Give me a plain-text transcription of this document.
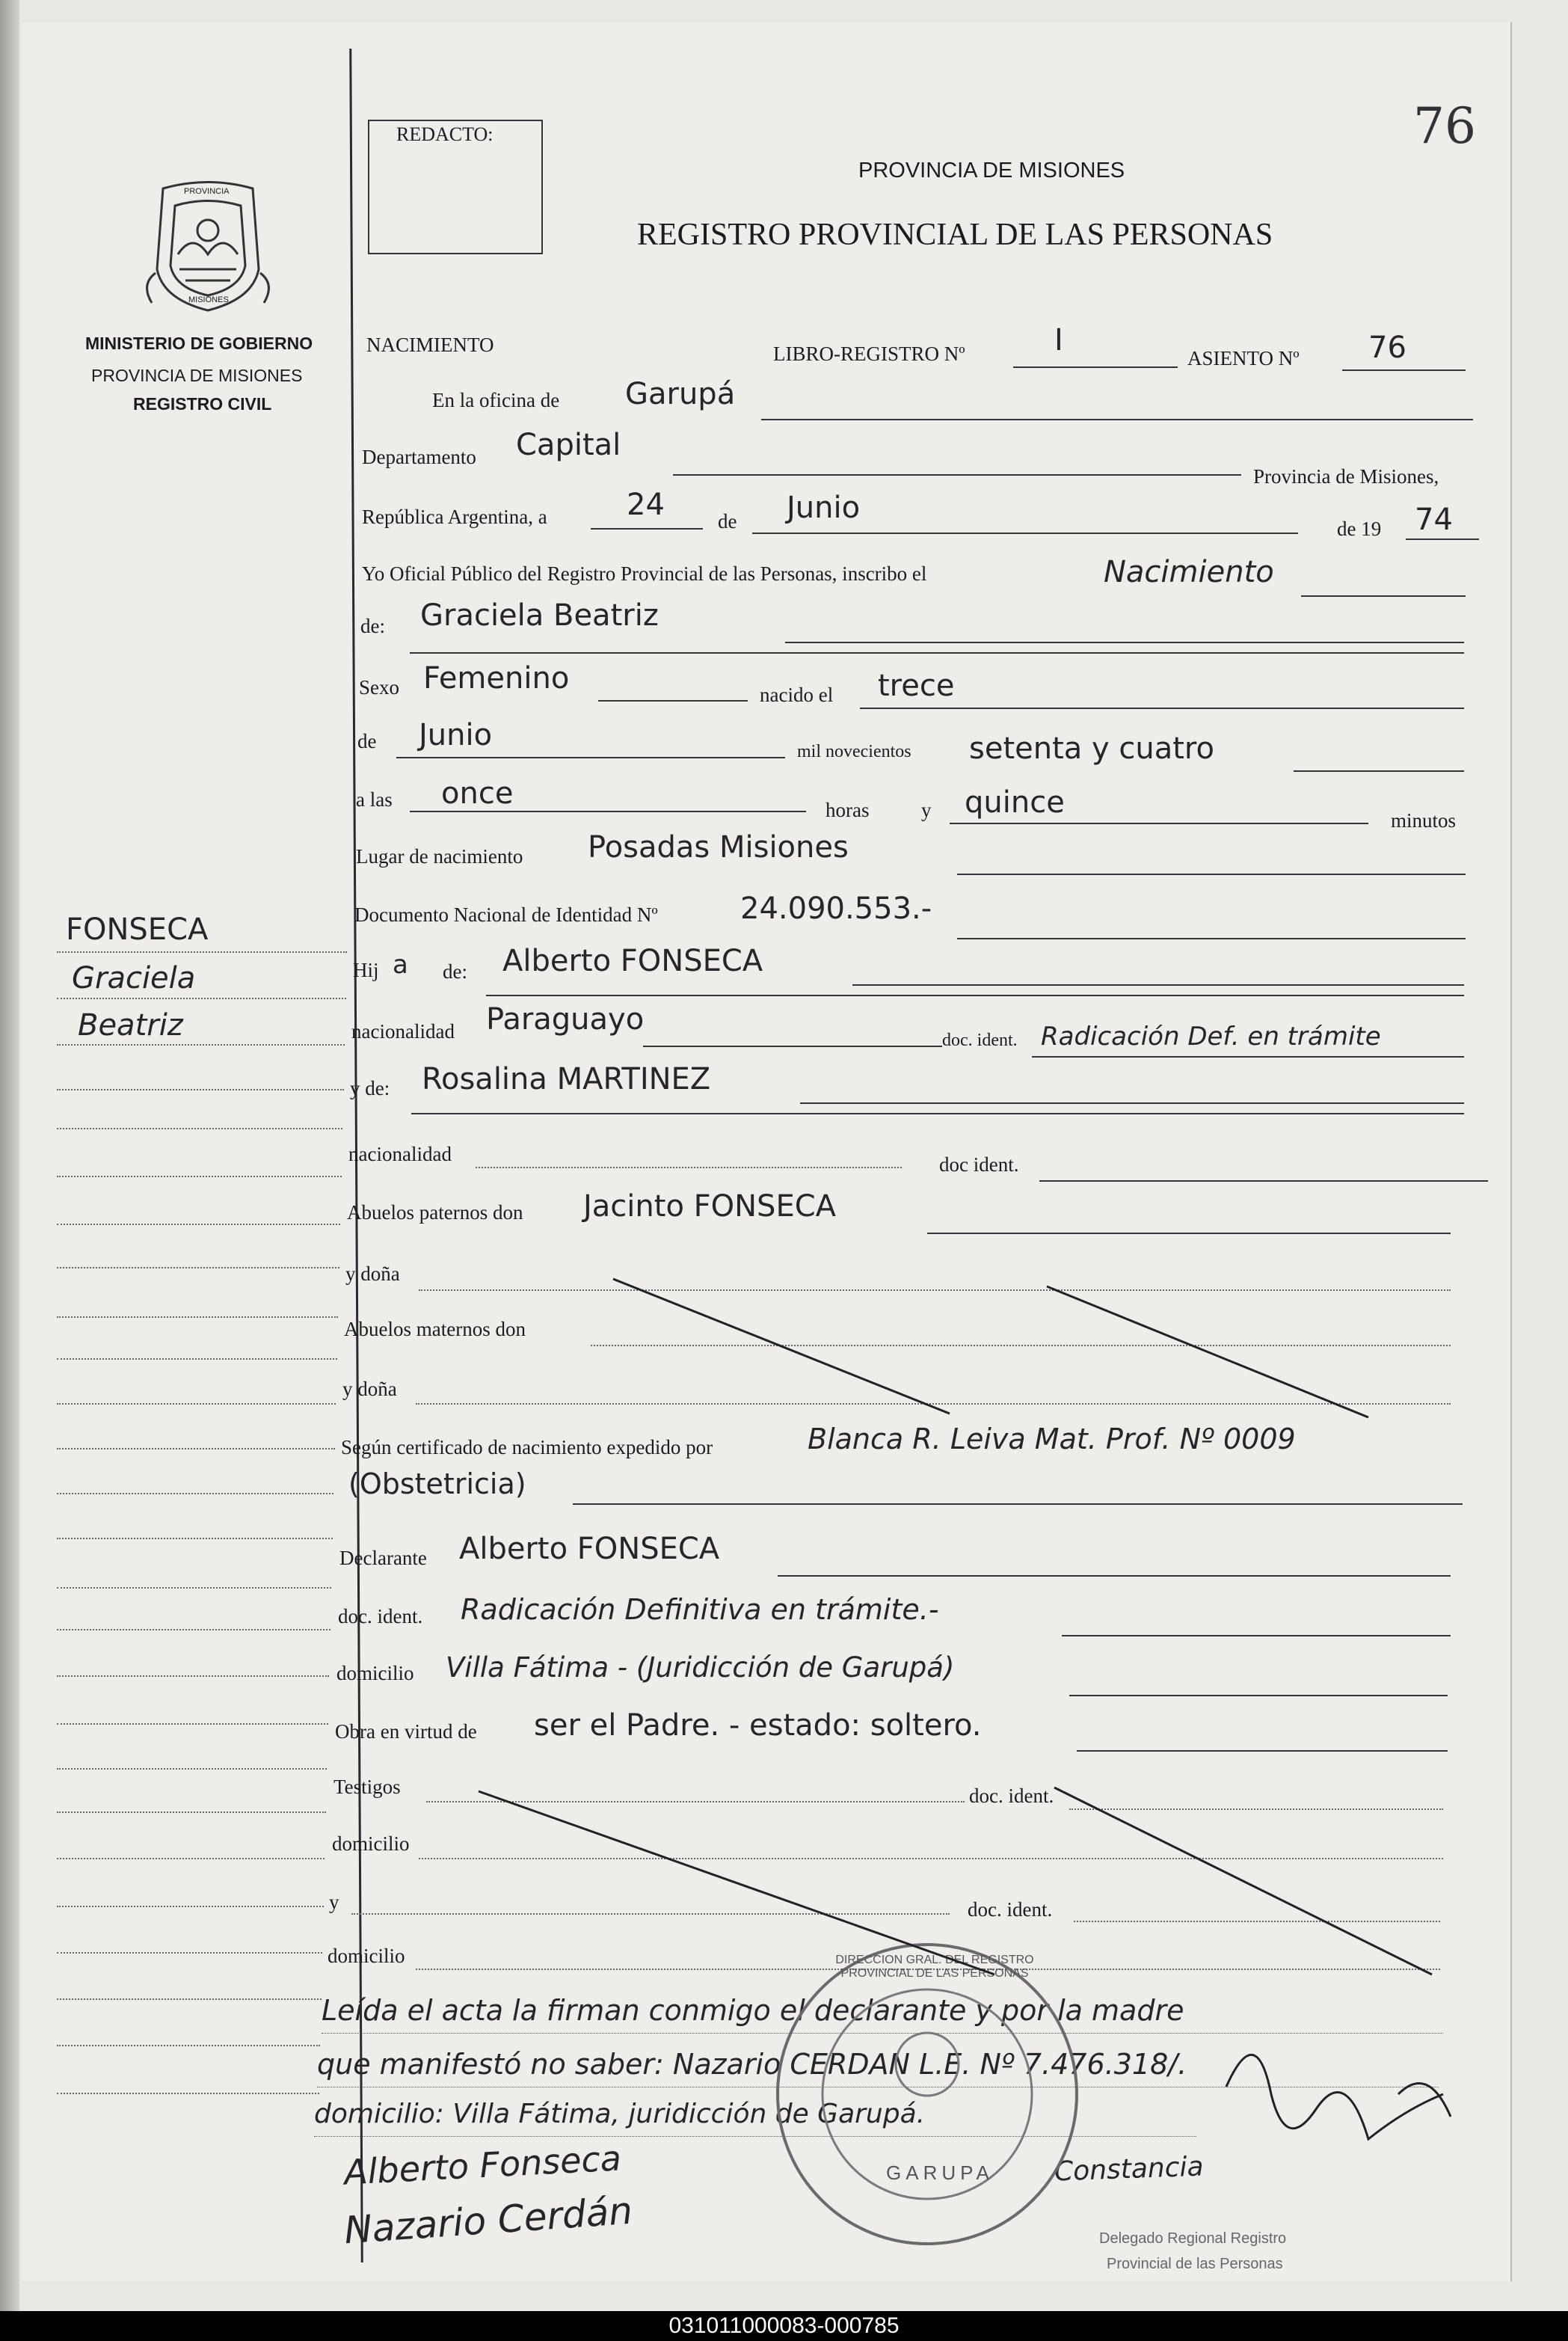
76
REDACTO:
PROVINCIA DE MISIONES
REGISTRO PROVINCIAL DE LAS PERSONAS
PROVINCIA
MISIONES
MINISTERIO DE GOBIERNO
PROVINCIA DE MISIONES
REGISTRO CIVIL
FONSECA
Graciela
Beatriz
NACIMIENTO	LIBRO-REGISTRO Nº	I
ASIENTO Nº 76
En la oficina de Garupá
Departamento Capital
Provincia de Misiones,
República Argentina, a	24	de Junio
de 19 74
Yo Oficial Público del Registro Provincial de las Personas, inscribo el	Nacimiento
de: Graciela Beatriz
Sexo Femenino	nacido el trece
de Junio	mil novecientos setenta y cuatro
a las once	horas	y quince
minutos
Lugar de nacimiento Posadas Misiones
Documento Nacional de Identidad Nº	24.090.553.-
Hij a de: Alberto FONSECA
nacionalidad Paraguayo
doc. ident. Radicación Def. en trámite
y de: Rosalina MARTINEZ
nacionalidad	doc ident.
Abuelos paternos don Jacinto FONSECA
y doña
Abuelos maternos don
y doña
Según certificado de nacimiento expedido por	Blanca R. Leiva Mat. Prof. Nº 0009
(Obstetricia)
Declarante Alberto FONSECA
doc. ident. Radicación Definitiva en trámite.-
domicilio Villa Fátima - (Juridicción de Garupá)
Obra en virtud de ser el Padre. - estado: soltero.
Testigos	doc. ident.
domicilio
y	doc. ident.
domicilio
Leída el acta la firman conmigo el declarante y por la madre
que manifestó no saber: Nazario CERDAN L.E. Nº 7.476.318/.
domicilio: Villa Fátima, juridicción de Garupá.
Alberto Fonseca
Nazario Cerdán
Constancia
Delegado Regional Registro
Provincial de las Personas
GARUPA
DIRECCION GRAL. DEL REGISTRO PROVINCIAL DE LAS PERSONAS
031011000083-000785
